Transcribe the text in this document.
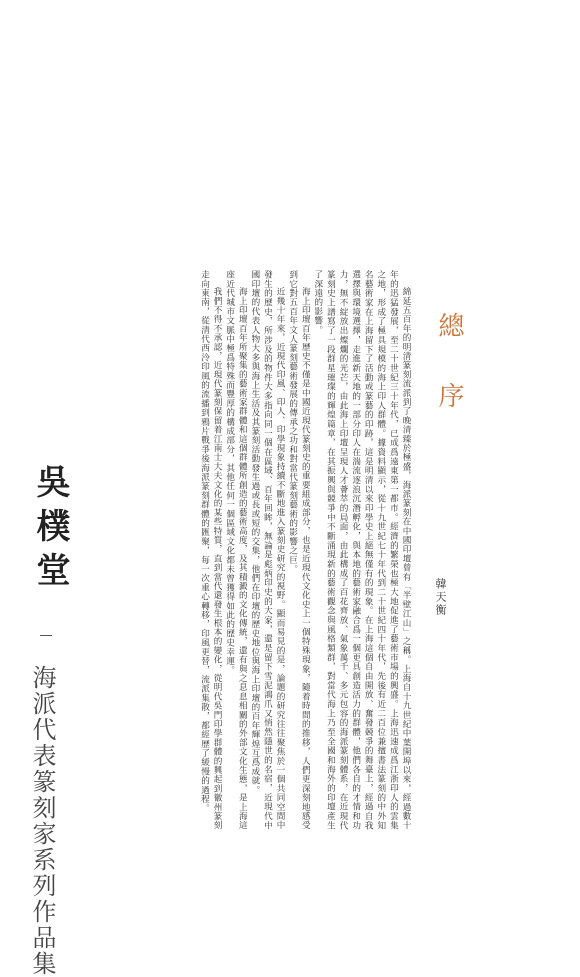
總 序
韓天衡

綿延五百年的明清篆刻流派到了晚清臻於極盛，海派篆刻在中國印壇曾有「半壁江山」之稱。上海自十九世紀中葉開埠以來，經過數十年的迅猛發展，至二十世紀三十年代，已成爲遠東第一都市。經濟的繁榮也極大地促進了藝術市場的興盛。上海迅速成爲江浙印人的雲集之地，形成了極具規模的海上印人群體。據資料顯示，從十九世紀七十年代到二十世紀四十年代，先後有近二百位兼擅書法篆刻的中外知名藝術家在上海留下了活動或篆藝的印跡，這是明清以來印學史上絕無僅有的現象。在上海這個自由開放、奮發競爭的舞臺上，經過自我選擇與環境選擇，走進新天地的一部分印人在湍流逐浪沉潛孵化，與本地的藝術家融合爲一個更具創造活力的群體，他們各自的才情和功力，無不綻放出燦爛的光芒，由此海上印壇呈現人才薈萃的局面，由此構成了百花齊放、氣象萬千、多元包容的海派篆刻體系，在近現代篆刻史上譜寫了一段群星璀璨的輝煌篇章，在其振興與競爭中不斷涌現新的藝術觀念與風格類群，對當代海上乃至全國和海外的印壇產生了深遠的影響。

海上印壇百年歷史不僅是中國近現代篆刻史的重要組成部分，也是近現代文化史上一個特殊現象，隨着時間的推移，人們更深刻地感受到它對五百年文人篆刻藝術發展的傳承之功和對當代篆刻藝術的影響之巨。

近幾十年來，近現代印風、印人、印學現象持續不斷地進入篆刻史研究的視野。顯而易見的是，論題的研究往往聚焦於一個共同空間中發生的歷史，所涉及的物件大多指向同一個在區域、百年回眸，無論是彪炳印史的大家，還是留下雪泥鴻爪又悄然隱世的名宿，近現代中國印壇的代表人物大多與海上生活及其篆刻活動發生過或長或短的交集，他們在印壇的歷史地位與海上印壇的百年輝煌互爲成就。

海上印壇百年所聚集的藝術家群體和這個群體所創造的藝術高度，及其積澱的文化傳統，還有與之息息相關的外部文化生態，是上海這座近代城市文脈中極爲特殊而豐厚的構成部分，其他任何一個區域文化都未曾獲得如此的歷史幸運。

我們不得不承認，近現代篆刻保留着江南士大夫文化的某些特質，直到當代還發生根本的變化，從明代吳門印學群體的興起到徽州篆刻走向東南，從清代西泠印風的流播到鴉片戰爭後海派篆刻群體的匯聚，每一次重心轉移，印風更替，流派集散，都經歷了緩慢的過程。

吳樸堂
海派代表篆刻家系列作品集
